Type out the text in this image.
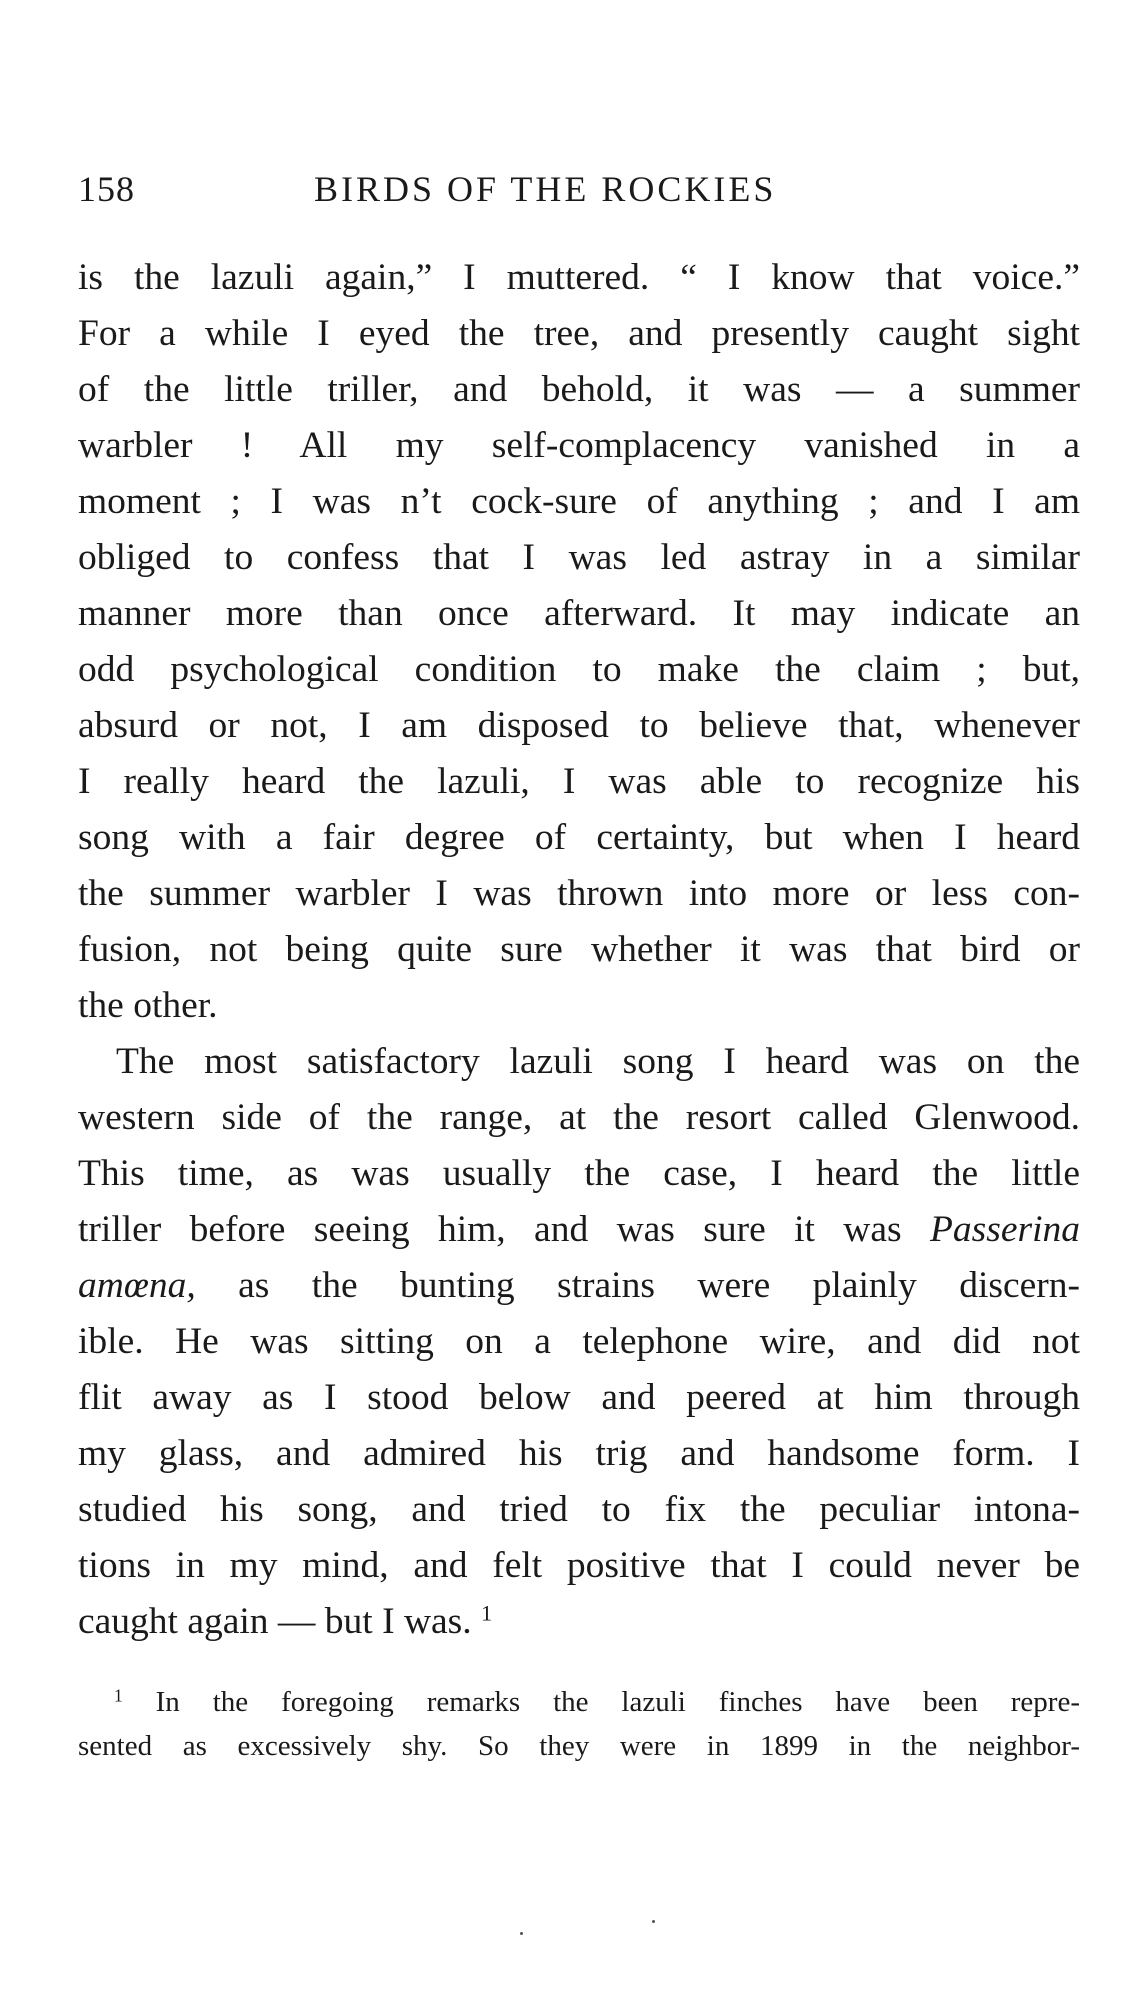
158	BIRDS OF THE ROCKIES
is the lazuli again,” I muttered. “ I know that voice.”
For a while I eyed the tree, and presently caught sight
of the little triller, and behold, it was — a summer
warbler ! All my self-complacency vanished in a
moment ; I was n’t cock-sure of anything ; and I am
obliged to confess that I was led astray in a similar
manner more than once afterward. It may indicate an
odd psychological condition to make the claim ; but,
absurd or not, I am disposed to believe that, whenever
I really heard the lazuli, I was able to recognize his
song with a fair degree of certainty, but when I heard
the summer warbler I was thrown into more or less con-
fusion, not being quite sure whether it was that bird or
the other.
The most satisfactory lazuli song I heard was on the
western side of the range, at the resort called Glenwood.
This time, as was usually the case, I heard the little
triller before seeing him, and was sure it was Passerina
amœna, as the bunting strains were plainly discern-
ible. He was sitting on a telephone wire, and did not
flit away as I stood below and peered at him through
my glass, and admired his trig and handsome form. I
studied his song, and tried to fix the peculiar intona-
tions in my mind, and felt positive that I could never be
caught again — but I was. $^1$
$^1$ In the foregoing remarks the lazuli finches have been repre-
sented as excessively shy. So they were in 1899 in the neighbor-
